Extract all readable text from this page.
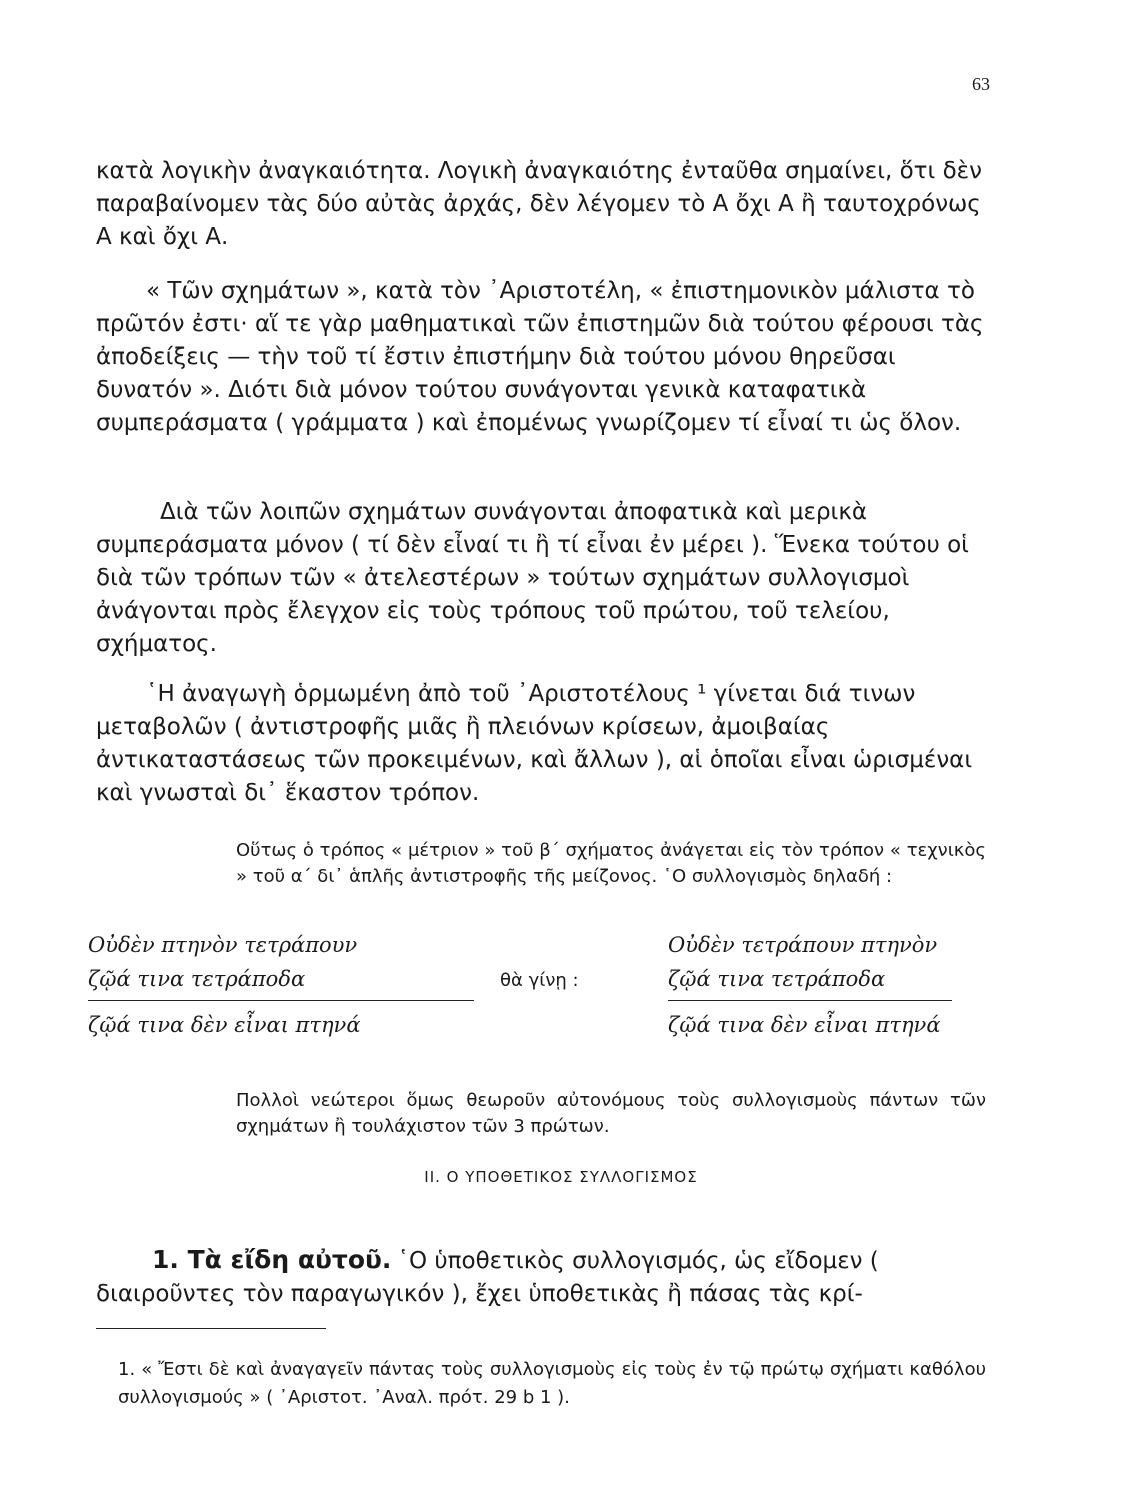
63

κατὰ λογικὴν ἀναγκαιότητα. Λογικὴ ἀναγκαιότης ἐνταῦθα σημαίνει, ὅτι δὲν παραβαίνομεν τὰς δύο αὐτὰς ἀρχάς, δὲν λέγομεν τὸ Α ὄχι Α ἢ ταυτοχρόνως Α καὶ ὄχι Α.

« Τῶν σχημάτων », κατὰ τὸν ᾿Αριστοτέλη, « ἐπιστημονικὸν μάλιστα τὸ πρῶτόν ἐστι· αἵ τε γὰρ μαθηματικαὶ τῶν ἐπιστημῶν διὰ τούτου φέρουσι τὰς ἀποδείξεις — τὴν τοῦ τί ἔστιν ἐπιστήμην διὰ τούτου μόνου θηρεῦσαι δυνατόν ». Διότι διὰ μόνον τούτου συνάγονται γενικὰ καταφατικὰ συμπεράσματα ( γράμματα ) καὶ ἐπομένως γνωρίζομεν τί εἶναί τι ὡς ὅλον.

Διὰ τῶν λοιπῶν σχημάτων συνάγονται ἀποφατικὰ καὶ μερικὰ συμπεράσματα μόνον ( τί δὲν εἶναί τι ἢ τί εἶναι ἐν μέρει ). Ἕνεκα τούτου οἱ διὰ τῶν τρόπων τῶν « ἀτελεστέρων » τούτων σχημάτων συλλογισμοὶ ἀνάγονται πρὸς ἔλεγχον εἰς τοὺς τρόπους τοῦ πρώτου, τοῦ τελείου, σχήματος.

῾Η ἀναγωγὴ ὁρμωμένη ἀπὸ τοῦ ᾿Αριστοτέλους ¹ γίνεται διά τινων μεταβολῶν ( ἀντιστροφῆς μιᾶς ἢ πλειόνων κρίσεων, ἀμοιβαίας ἀντικαταστάσεως τῶν προκειμένων, καὶ ἄλλων ), αἱ ὁποῖαι εἶναι ὡρισμέναι καὶ γνωσταὶ δι᾿ ἕκαστον τρόπον.

Οὕτως ὁ τρόπος « μέτριον » τοῦ β΄ σχήματος ἀνάγεται εἰς τὸν τρόπον « τεχνικὸς » τοῦ α΄ δι᾿ ἁπλῆς ἀντιστροφῆς τῆς μείζονος. ῾Ο συλλογισμὸς δηλαδή :

Οὐδὲν πτηνὸν τετράπουν
ζῷά τινα τετράποδα
ζῷά τινα δὲν εἶναι πτηνά
θὰ γίνῃ :
Οὐδὲν τετράπουν πτηνὸν
ζῷά τινα τετράποδα
ζῷά τινα δὲν εἶναι πτηνά

Πολλοὶ νεώτεροι ὅμως θεωροῦν αὐτονόμους τοὺς συλλογισμοὺς πάντων τῶν σχημάτων ἢ τουλάχιστον τῶν 3 πρώτων.

ΙΙ. Ο ΥΠΟΘΕΤΙΚΟΣ ΣΥΛΛΟΓΙΣΜΟΣ

1. Τὰ εἴδη αὐτοῦ. ῾Ο ὑποθετικὸς συλλογισμός, ὡς εἴδομεν ( διαιροῦντες τὸν παραγωγικόν ), ἔχει ὑποθετικὰς ἢ πάσας τὰς κρί-

1. « Ἔστι δὲ καὶ ἀναγαγεῖν πάντας τοὺς συλλογισμοὺς εἰς τοὺς ἐν τῷ πρώτῳ σχήματι καθόλου συλλογισμούς » ( ᾿Αριστοτ. ᾿Αναλ. πρότ. 29 b 1 ).
